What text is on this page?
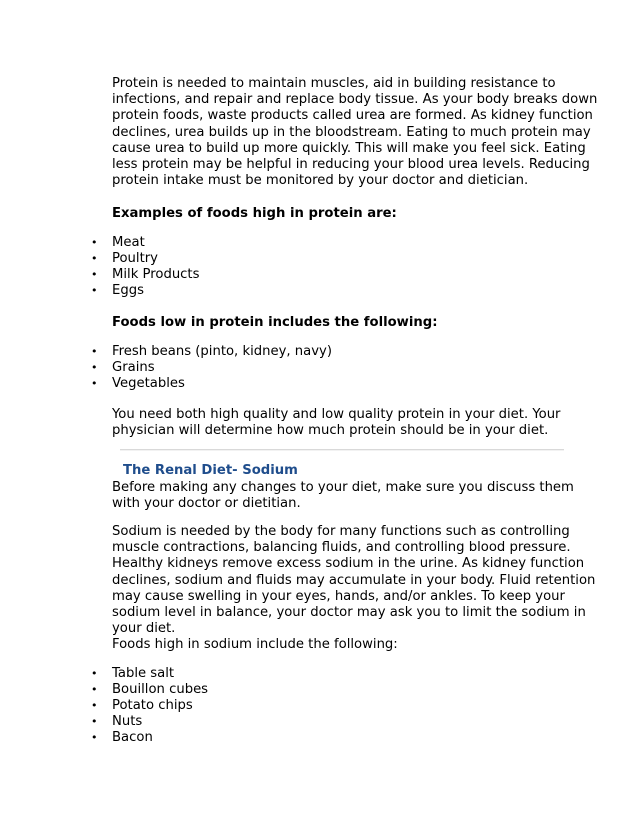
Protein is needed to maintain muscles, aid in building resistance to
infections, and repair and replace body tissue. As your body breaks down
protein foods, waste products called urea are formed. As kidney function
declines, urea builds up in the bloodstream. Eating to much protein may
cause urea to build up more quickly. This will make you feel sick. Eating
less protein may be helpful in reducing your blood urea levels. Reducing
protein intake must be monitored by your doctor and dietician.

Examples of foods high in protein are:

• Meat
• Poultry
• Milk Products
• Eggs

Foods low in protein includes the following:

• Fresh beans (pinto, kidney, navy)
• Grains
• Vegetables
You need both high quality and low quality protein in your diet. Your
physician will determine how much protein should be in your diet.

The Renal Diet- Sodium

Before making any changes to your diet, make sure you discuss them
with your doctor or dietitian.
Sodium is needed by the body for many functions such as controlling
muscle contractions, balancing fluids, and controlling blood pressure.
Healthy kidneys remove excess sodium in the urine. As kidney function
declines, sodium and fluids may accumulate in your body. Fluid retention
may cause swelling in your eyes, hands, and/or ankles. To keep your
sodium level in balance, your doctor may ask you to limit the sodium in
your diet.
Foods high in sodium include the following:
• Table salt
• Bouillon cubes
• Potato chips
• Nuts
• Bacon
